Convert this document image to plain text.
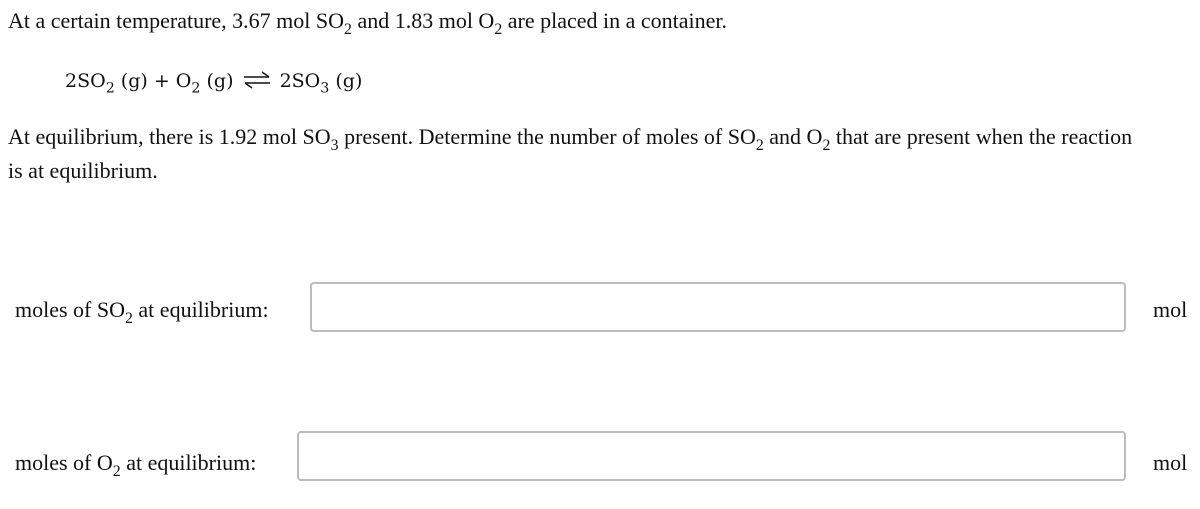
At a certain temperature, 3.67 mol $SO_2$ and 1.83 mol $O_2$ are placed in a container.
$2SO_2$ $(g) + O_2$ (g) ⇌ $2SO_3$ (g)
At equilibrium, there is 1.92 mol $SO_3$ present. Determine the number of moles of $SO_2$ and $O_2$ that are present when the reaction
is at equilibrium.
moles of $SO_2$ at equilibrium:	mol
moles of $O_2$ at equilibrium:	mol
